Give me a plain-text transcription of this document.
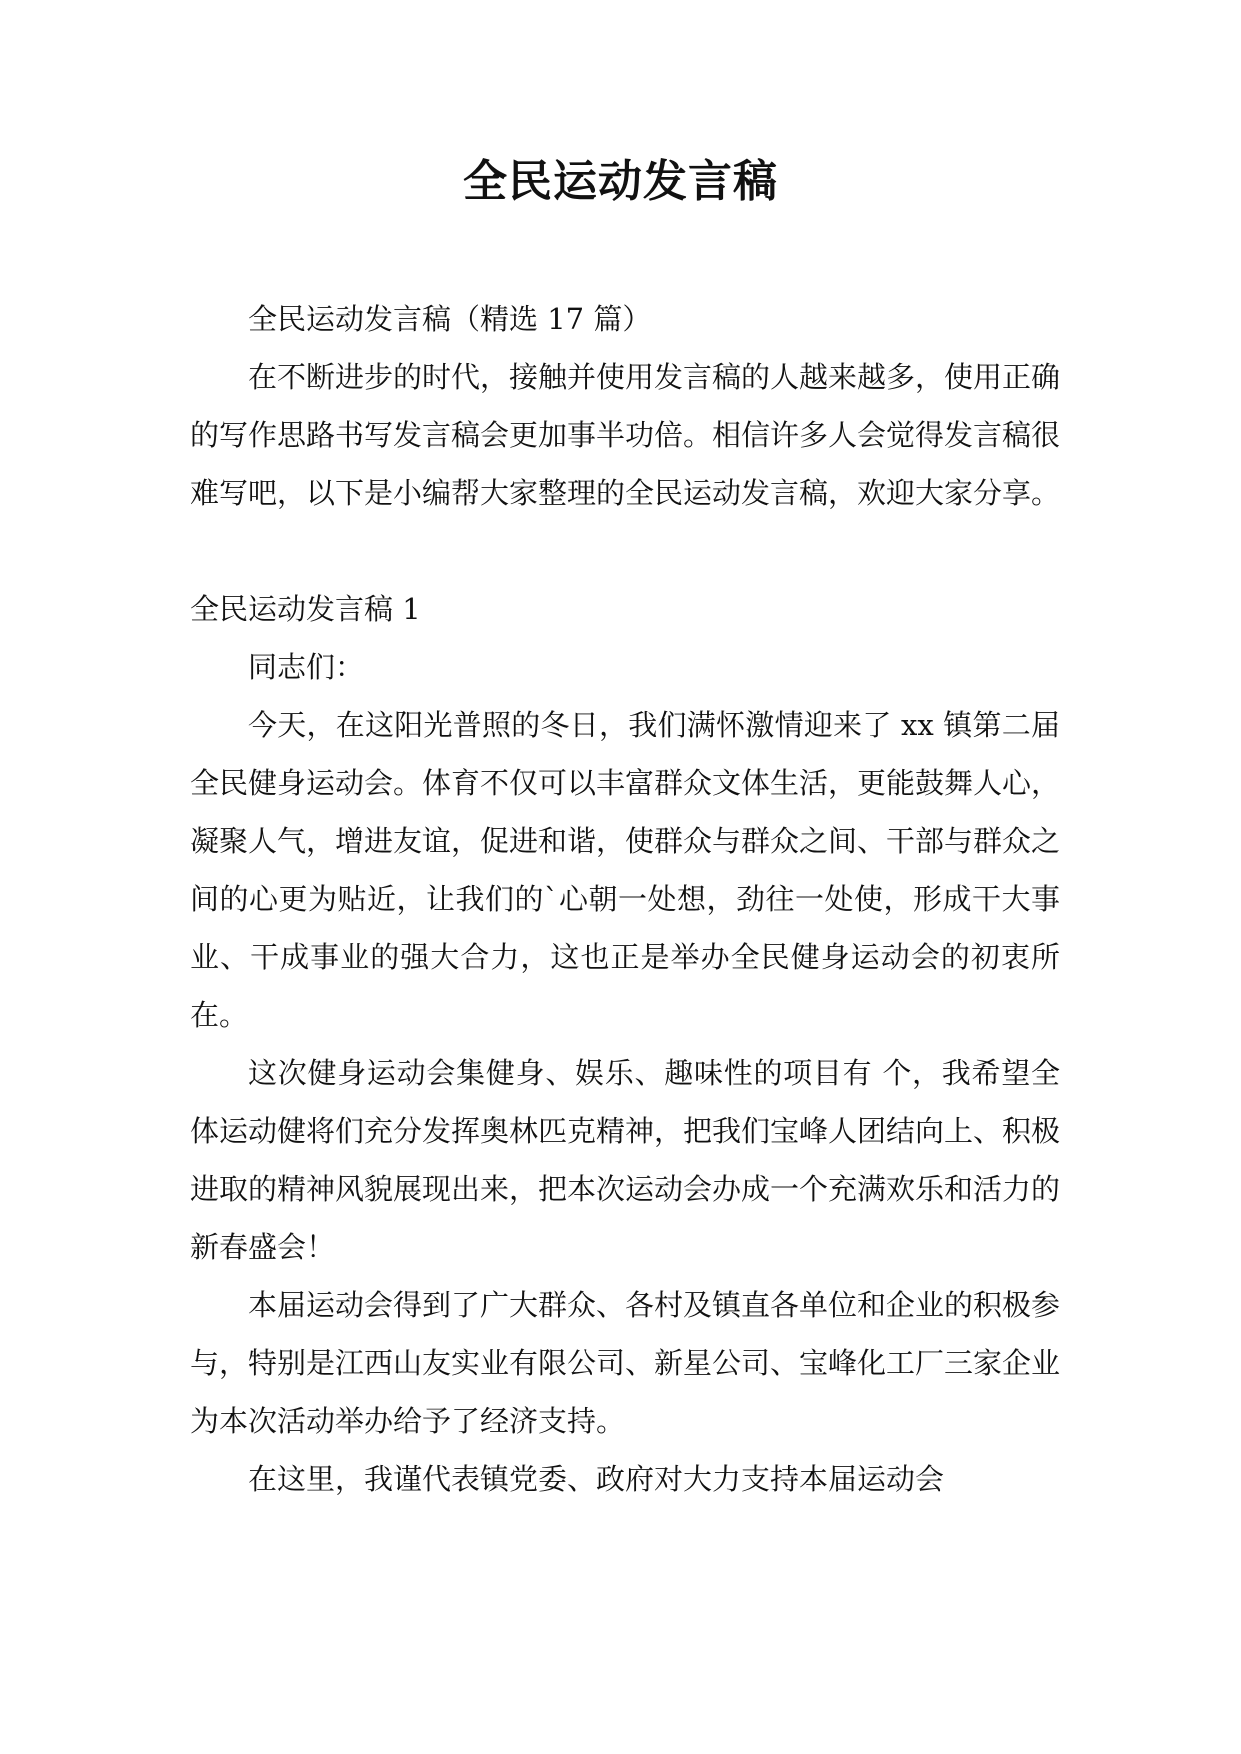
全民运动发言稿

全民运动发言稿（精选 17 篇）

在不断进步的时代，接触并使用发言稿的人越来越多，使用正确的写作思路书写发言稿会更加事半功倍。相信许多人会觉得发言稿很难写吧，以下是小编帮大家整理的全民运动发言稿，欢迎大家分享。

全民运动发言稿 1

同志们：

今天，在这阳光普照的冬日，我们满怀激情迎来了 xx 镇第二届全民健身运动会。体育不仅可以丰富群众文体生活，更能鼓舞人心，凝聚人气，增进友谊，促进和谐，使群众与群众之间、干部与群众之间的心更为贴近，让我们的`心朝一处想，劲往一处使，形成干大事业、干成事业的强大合力，这也正是举办全民健身运动会的初衷所在。

这次健身运动会集健身、娱乐、趣味性的项目有 个，我希望全体运动健将们充分发挥奥林匹克精神，把我们宝峰人团结向上、积极进取的精神风貌展现出来，把本次运动会办成一个充满欢乐和活力的新春盛会！

本届运动会得到了广大群众、各村及镇直各单位和企业的积极参与，特别是江西山友实业有限公司、新星公司、宝峰化工厂三家企业为本次活动举办给予了经济支持。

在这里，我谨代表镇党委、政府对大力支持本届运动会
